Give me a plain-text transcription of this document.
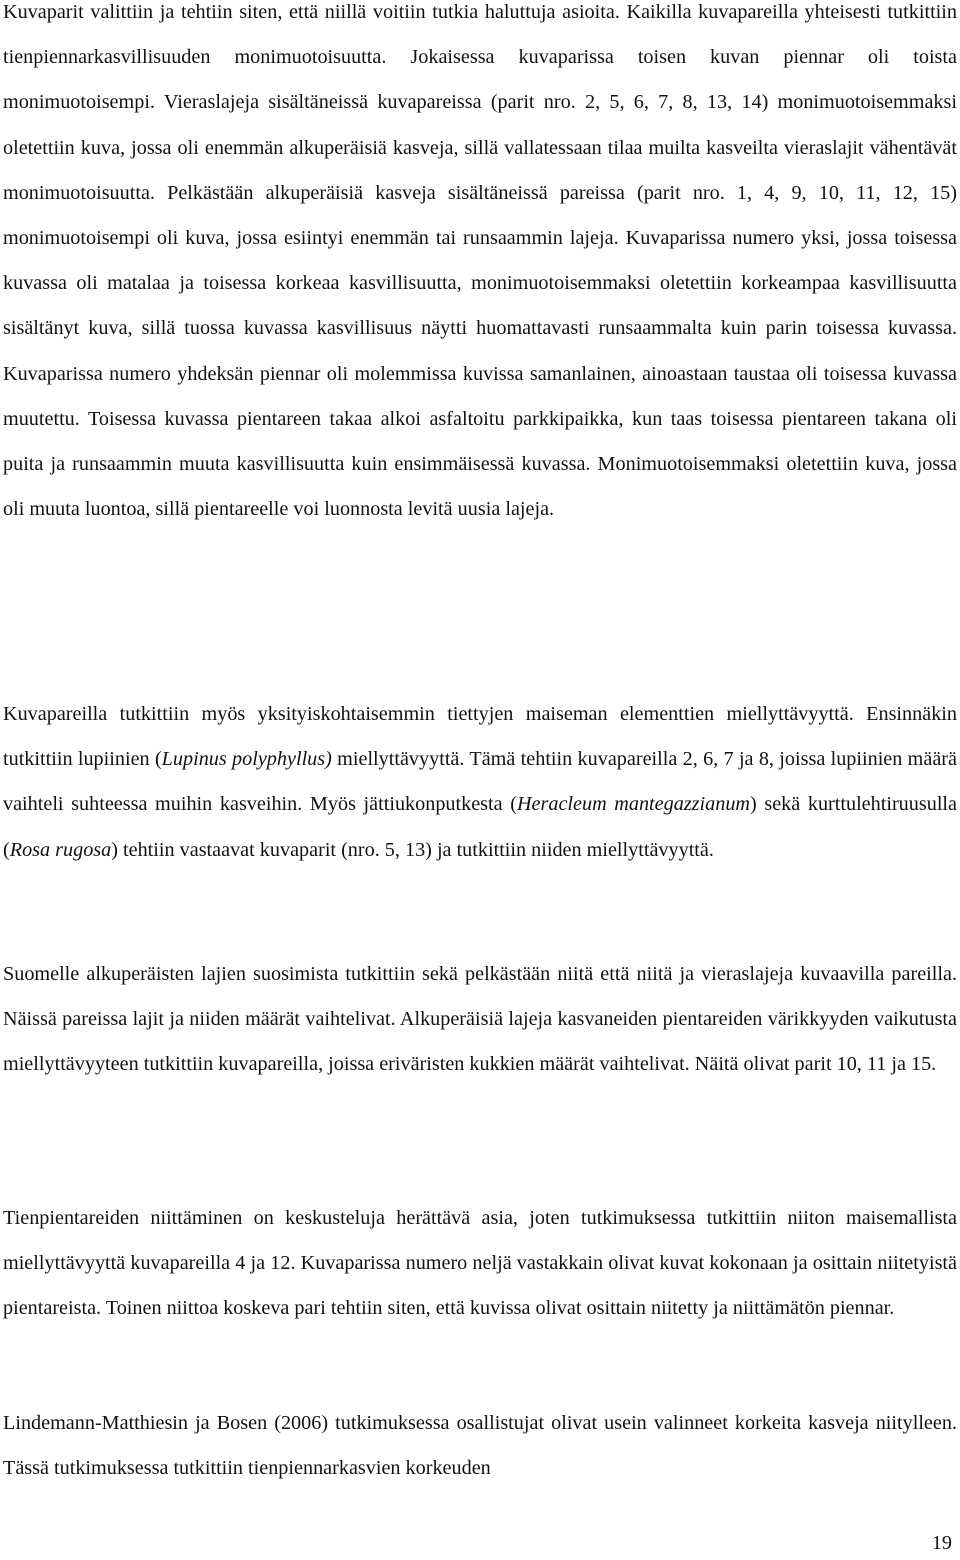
Kuvaparit valittiin ja tehtiin siten, että niillä voitiin tutkia haluttuja asioita. Kaikilla kuvapareilla yhteisesti tutkittiin tienpiennarkasvillisuuden monimuotoisuutta. Jokaisessa kuvaparissa toisen kuvan piennar oli toista monimuotoisempi. Vieraslajeja sisältäneissä kuvapareissa (parit nro. 2, 5, 6, 7, 8, 13, 14) monimuotoisemmaksi oletettiin kuva, jossa oli enemmän alkuperäisiä kasveja, sillä vallatessaan tilaa muilta kasveilta vieraslajit vähentävät monimuotoisuutta. Pelkästään alkuperäisiä kasveja sisältäneissä pareissa (parit nro. 1, 4, 9, 10, 11, 12, 15) monimuotoisempi oli kuva, jossa esiintyi enemmän tai runsaammin lajeja. Kuvaparissa numero yksi, jossa toisessa kuvassa oli matalaa ja toisessa korkeaa kasvillisuutta, monimuotoisemmaksi oletettiin korkeampaa kasvillisuutta sisältänyt kuva, sillä tuossa kuvassa kasvillisuus näytti huomattavasti runsaammalta kuin parin toisessa kuvassa. Kuvaparissa numero yhdeksän piennar oli molemmissa kuvissa samanlainen, ainoastaan taustaa oli toisessa kuvassa muutettu. Toisessa kuvassa pientareen takaa alkoi asfaltoitu parkkipaikka, kun taas toisessa pientareen takana oli puita ja runsaammin muuta kasvillisuutta kuin ensimmäisessä kuvassa. Monimuotoisemmaksi oletettiin kuva, jossa oli muuta luontoa, sillä pientareelle voi luonnosta levitä uusia lajeja.

Kuvapareilla tutkittiin myös yksityiskohtaisemmin tiettyjen maiseman elementtien miellyttävyyttä. Ensinnäkin tutkittiin lupiinien (Lupinus polyphyllus) miellyttävyyttä. Tämä tehtiin kuvapareilla 2, 6, 7 ja 8, joissa lupiinien määrä vaihteli suhteessa muihin kasveihin. Myös jättiukonputkesta (Heracleum mantegazzianum) sekä kurttulehtiruusulla (Rosa rugosa) tehtiin vastaavat kuvaparit (nro. 5, 13) ja tutkittiin niiden miellyttävyyttä.

Suomelle alkuperäisten lajien suosimista tutkittiin sekä pelkästään niitä että niitä ja vieraslajeja kuvaavilla pareilla. Näissä pareissa lajit ja niiden määrät vaihtelivat. Alkuperäisiä lajeja kasvaneiden pientareiden värikkyyden vaikutusta miellyttävyyteen tutkittiin kuvapareilla, joissa eriväristen kukkien määrät vaihtelivat. Näitä olivat parit 10, 11 ja 15.

Tienpientareiden niittäminen on keskusteluja herättävä asia, joten tutkimuksessa tutkittiin niiton maisemallista miellyttävyyttä kuvapareilla 4 ja 12. Kuvaparissa numero neljä vastakkain olivat kuvat kokonaan ja osittain niitetyistä pientareista. Toinen niittoa koskeva pari tehtiin siten, että kuvissa olivat osittain niitetty ja niittämätön piennar.

Lindemann-Matthiesin ja Bosen (2006) tutkimuksessa osallistujat olivat usein valinneet korkeita kasveja niitylleen. Tässä tutkimuksessa tutkittiin tienpiennarkasvien korkeuden

19
